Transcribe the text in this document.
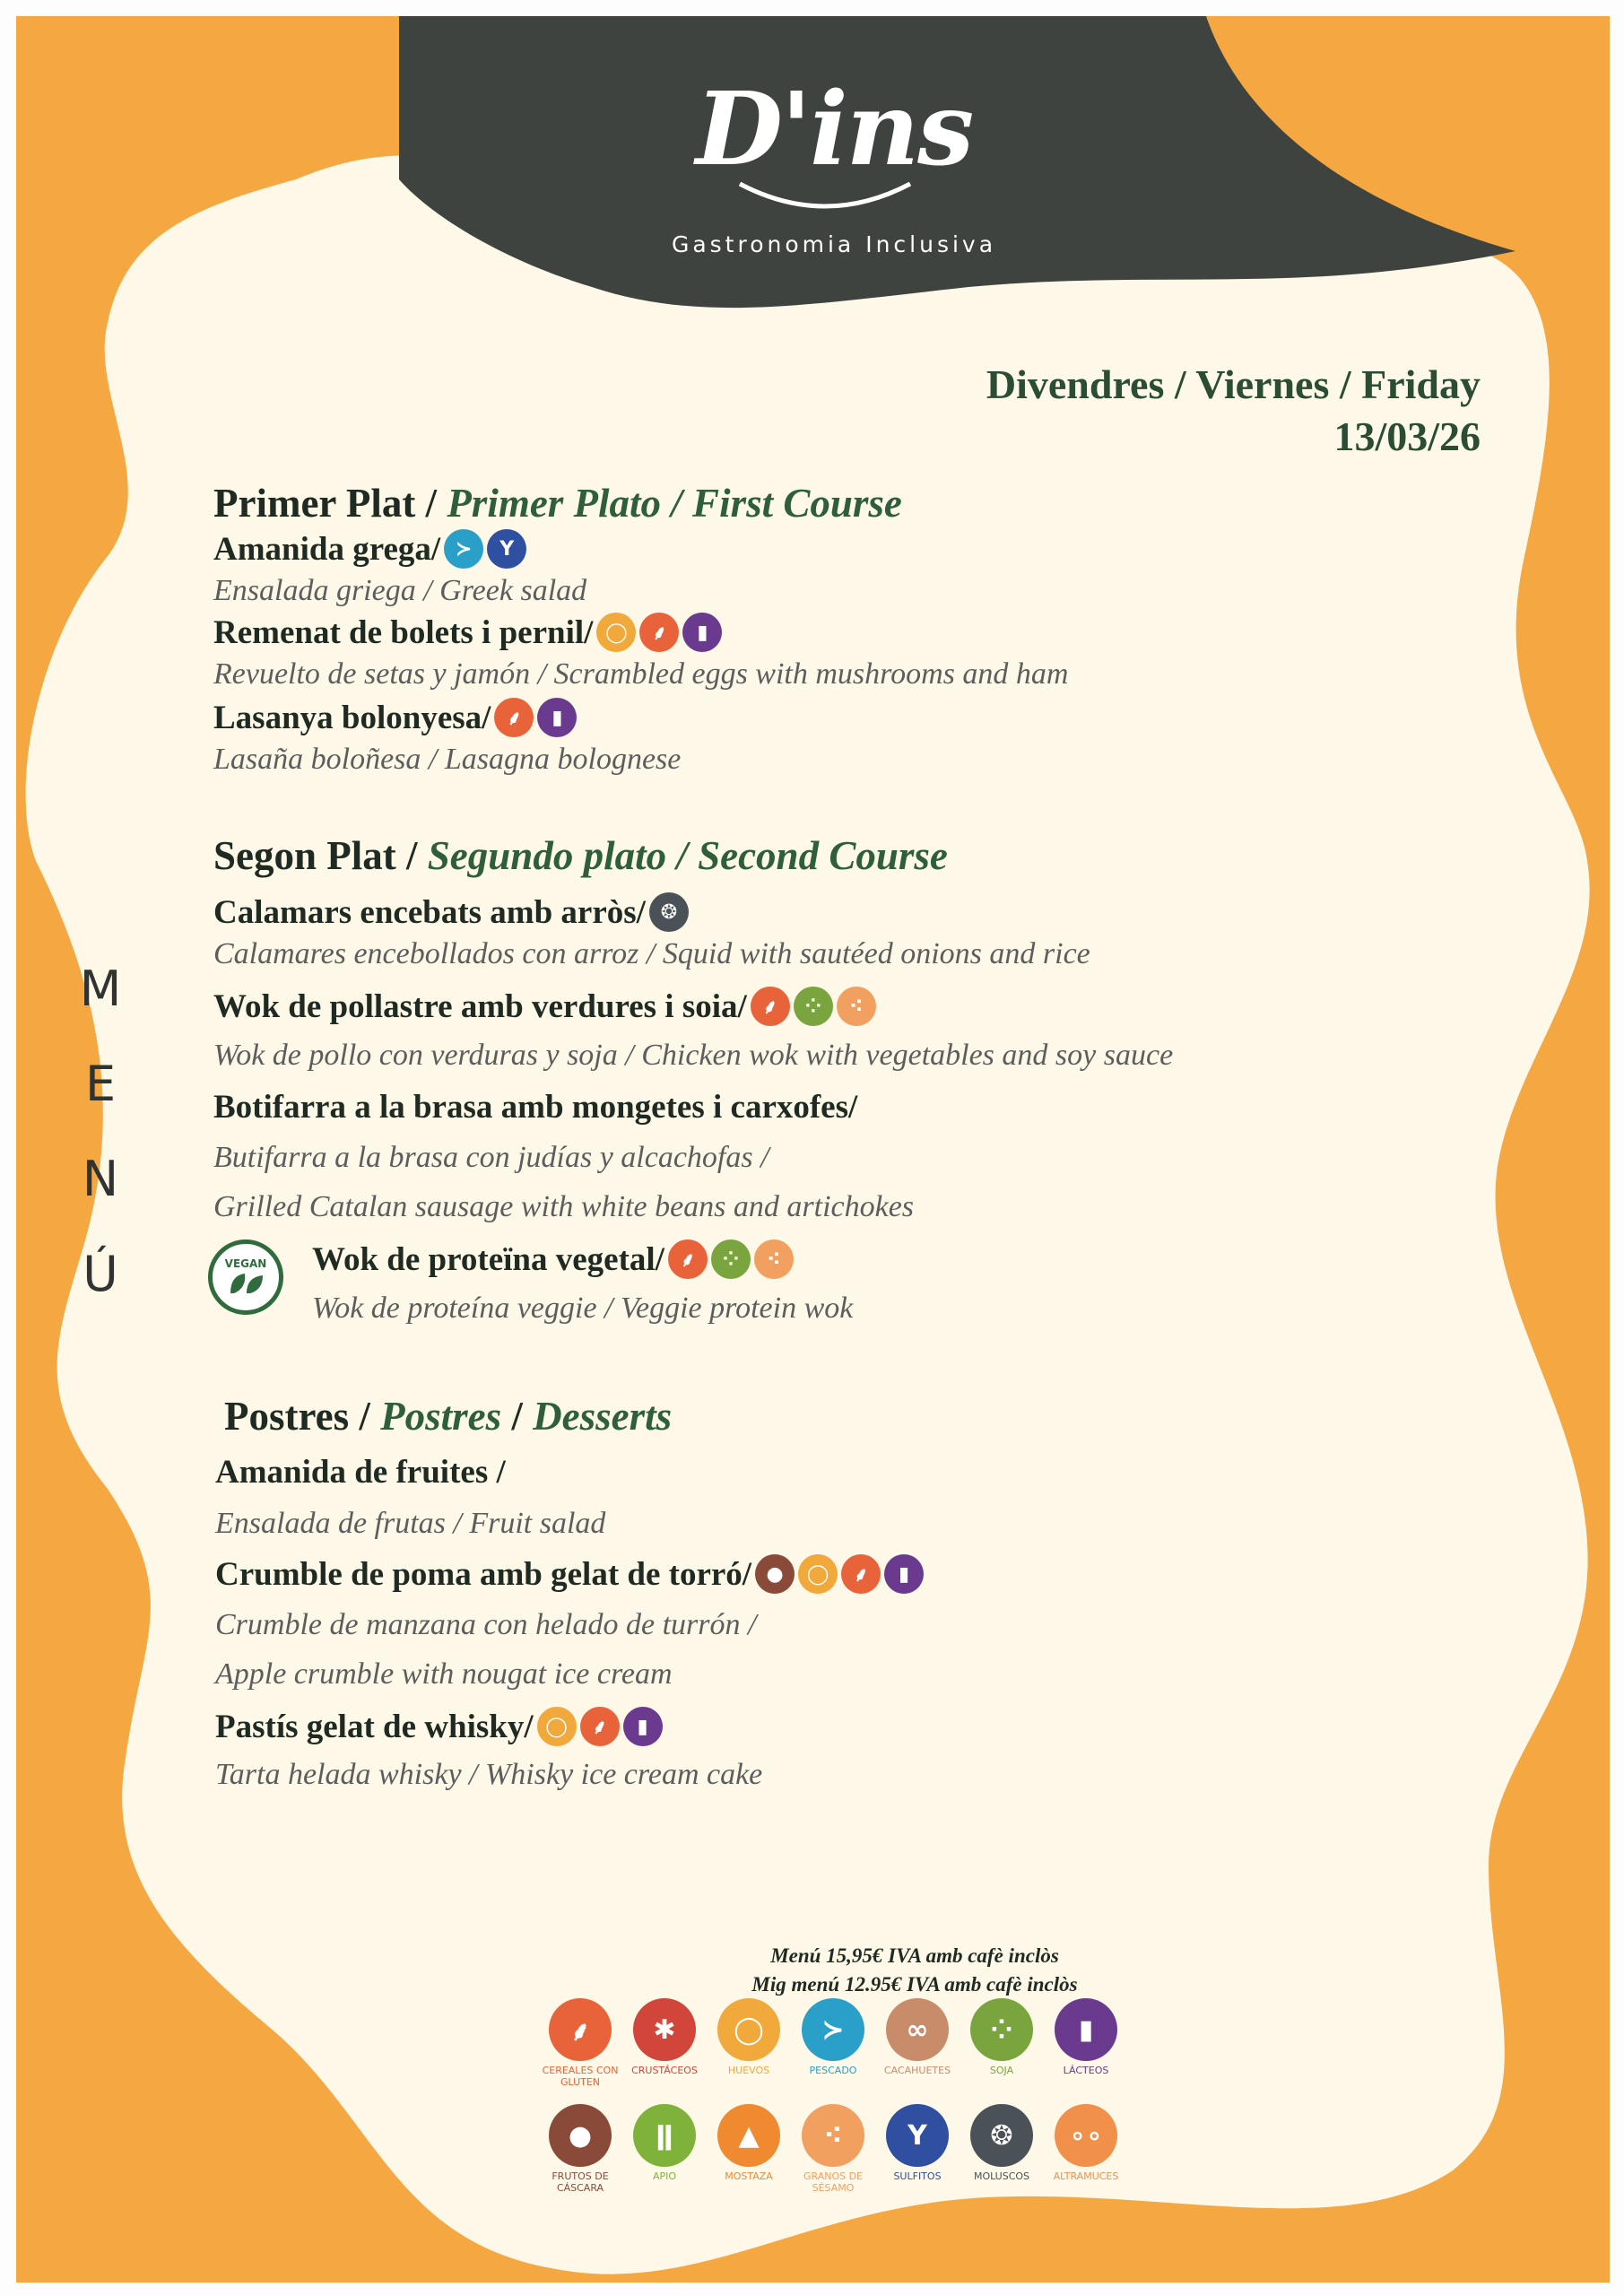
D'ins
Gastronomia Inclusiva
Divendres / Viernes / Friday
13/03/26
M
E
N
Ú
Primer Plat / Primer Plato / First Course
Amanida grega/ ≻	Y
Ensalada griega / Greek salad
Remenat de bolets i pernil/ ◯	⸙	▮
Revuelto de setas y jamón / Scrambled eggs with mushrooms and ham
Lasanya bolonyesa/ ⸙	▮
Lasaña boloñesa / Lasagna bolognese
Segon Plat / Segundo plato / Second Course
Calamars encebats amb arròs/ ❂
Calamares encebollados con arroz / Squid with sautéed onions and rice
Wok de pollastre amb verdures i soia/ ⸙	⁘	⁖
Wok de pollo con verduras y soja / Chicken wok with vegetables and soy sauce
Botifarra a la brasa amb mongetes i carxofes/
Butifarra a la brasa con judías y alcachofas /
Grilled Catalan sausage with white beans and artichokes
VEGAN Wok de proteïna vegetal/ ⸙	⁘	⁖
Wok de proteína veggie / Veggie protein wok
Postres / Postres / Desserts
Amanida de fruites /
Ensalada de frutas / Fruit salad
Crumble de poma amb gelat de torró/ ●	◯	⸙	▮
Crumble de manzana con helado de turrón /
Apple crumble with nougat ice cream
Pastís gelat de whisky/ ◯	⸙	▮
Tarta helada whisky / Whisky ice cream cake
Menú 15,95€ IVA amb cafè inclòs
Mig menú 12.95€ IVA amb cafè inclòs
⸙
CEREALES CON GLUTEN
✱
CRUSTÁCEOS
◯
HUEVOS
≻
PESCADO
∞
CACAHUETES
⁘
SOJA
▮
LÁCTEOS
●
FRUTOS DE CÁSCARA
ǁ
APIO
▲
MOSTAZA
⁖
GRANOS DE SÉSAMO
Y
SULFITOS
❂
MOLUSCOS
∘∘
ALTRAMUCES
